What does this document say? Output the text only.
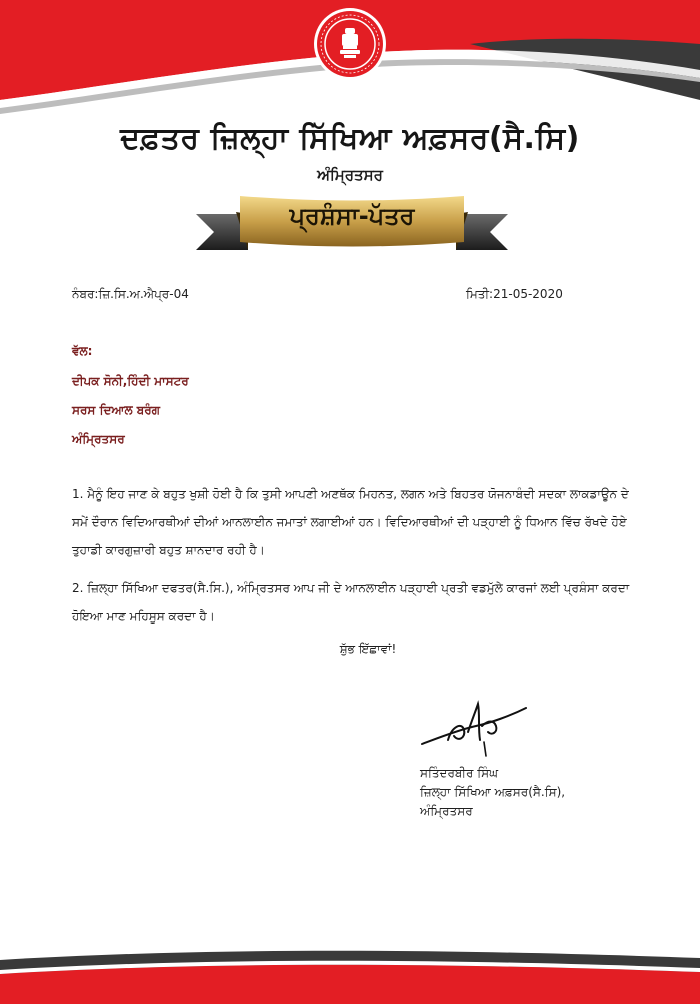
ਦਫ਼ਤਰ ਜ਼ਿਲ੍ਹਾ ਸਿੱਖਿਆ ਅਫ਼ਸਰ(ਸੈ.ਸਿ)
ਅੰਮ੍ਰਿਤਸਰ
ਪ੍ਰਸ਼ੰਸਾ-ਪੱਤਰ
ਨੰਬਰ:ਜ਼ਿ.ਸਿ.ਅ.ਐਪ੍ਰ-04	ਮਿਤੀ:21-05-2020
ਵੱਲ:
ਦੀਪਕ ਸੋਨੀ,ਹਿੰਦੀ ਮਾਸਟਰ
ਸਰਸ ਦਿਆਲ ਬਰੰਗ
ਅੰਮ੍ਰਿਤਸਰ
1. ਮੈਨੂੰ ਇਹ ਜਾਣ ਕੇ ਬਹੁਤ ਖੁਸ਼ੀ ਹੋਈ ਹੈ ਕਿ ਤੁਸੀ ਆਪਣੀ ਅਣਥੱਕ ਮਿਹਨਤ, ਲਗਨ ਅਤੇ ਬਿਹਤਰ ਯੋਜਨਾਬੰਦੀ ਸਦਕਾ ਲਾਕਡਾਊਨ ਦੇ ਸਮੇਂ ਦੌਰਾਨ ਵਿਦਿਆਰਥੀਆਂ ਦੀਆਂ ਆਨਲਾਈਨ ਜਮਾਤਾਂ ਲਗਾਈਆਂ ਹਨ। ਵਿਦਿਆਰਥੀਆਂ ਦੀ ਪੜ੍ਹਾਈ ਨੂੰ ਧਿਆਨ ਵਿੱਚ ਰੱਖਦੇ ਹੋਏ ਤੁਹਾਡੀ ਕਾਰਗੁਜ਼ਾਰੀ ਬਹੁਤ ਸ਼ਾਨਦਾਰ ਰਹੀ ਹੈ।
2. ਜ਼ਿਲ੍ਹਾ ਸਿੱਖਿਆ ਦਫਤਰ(ਸੈ.ਸਿ.), ਅੰਮ੍ਰਿਤਸਰ ਆਪ ਜੀ ਦੇ ਆਨਲਾਈਨ ਪੜ੍ਹਾਈ ਪ੍ਰਤੀ ਵਡਮੁੱਲੇ ਕਾਰਜਾਂ ਲਈ ਪ੍ਰਸ਼ੰਸਾ ਕਰਦਾ ਹੋਇਆ ਮਾਣ ਮਹਿਸੂਸ ਕਰਦਾ ਹੈ।
ਸ਼ੁੱਭ ਇੱਛਾਵਾਂ!
ਸਤਿੰਦਰਬੀਰ ਸਿੰਘ
ਜ਼ਿਲ੍ਹਾ ਸਿੱਖਿਆ ਅਫ਼ਸਰ(ਸੈ.ਸਿ),
ਅੰਮ੍ਰਿਤਸਰ
